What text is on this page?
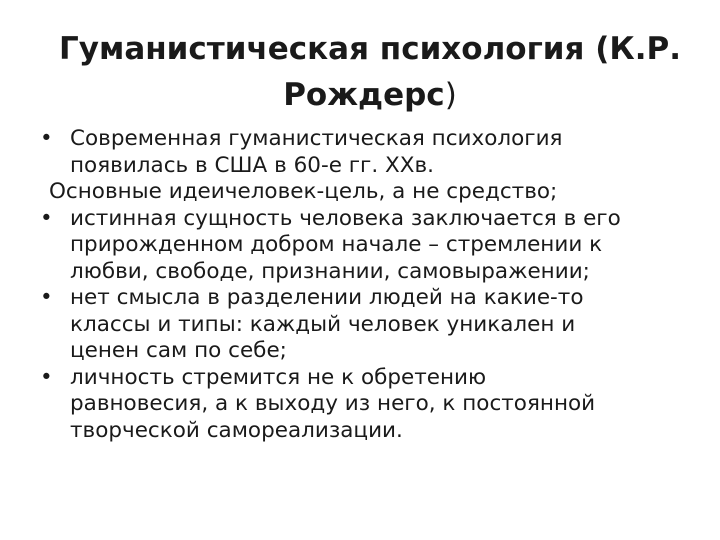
Гуманистическая психология (К.Р.
Рождерс)
• Современная гуманистическая психология
появилась в США в 60-е гг. ХХв.
Основные идеичеловек-цель, а не средство;
• истинная сущность человека заключается в его
прирожденном добром начале – стремлении к
любви, свободе, признании, самовыражении;
• нет смысла в разделении людей на какие-то
классы и типы: каждый человек уникален и
ценен сам по себе;
• личность стремится не к обретению
равновесия, а к выходу из него, к постоянной
творческой самореализации.
